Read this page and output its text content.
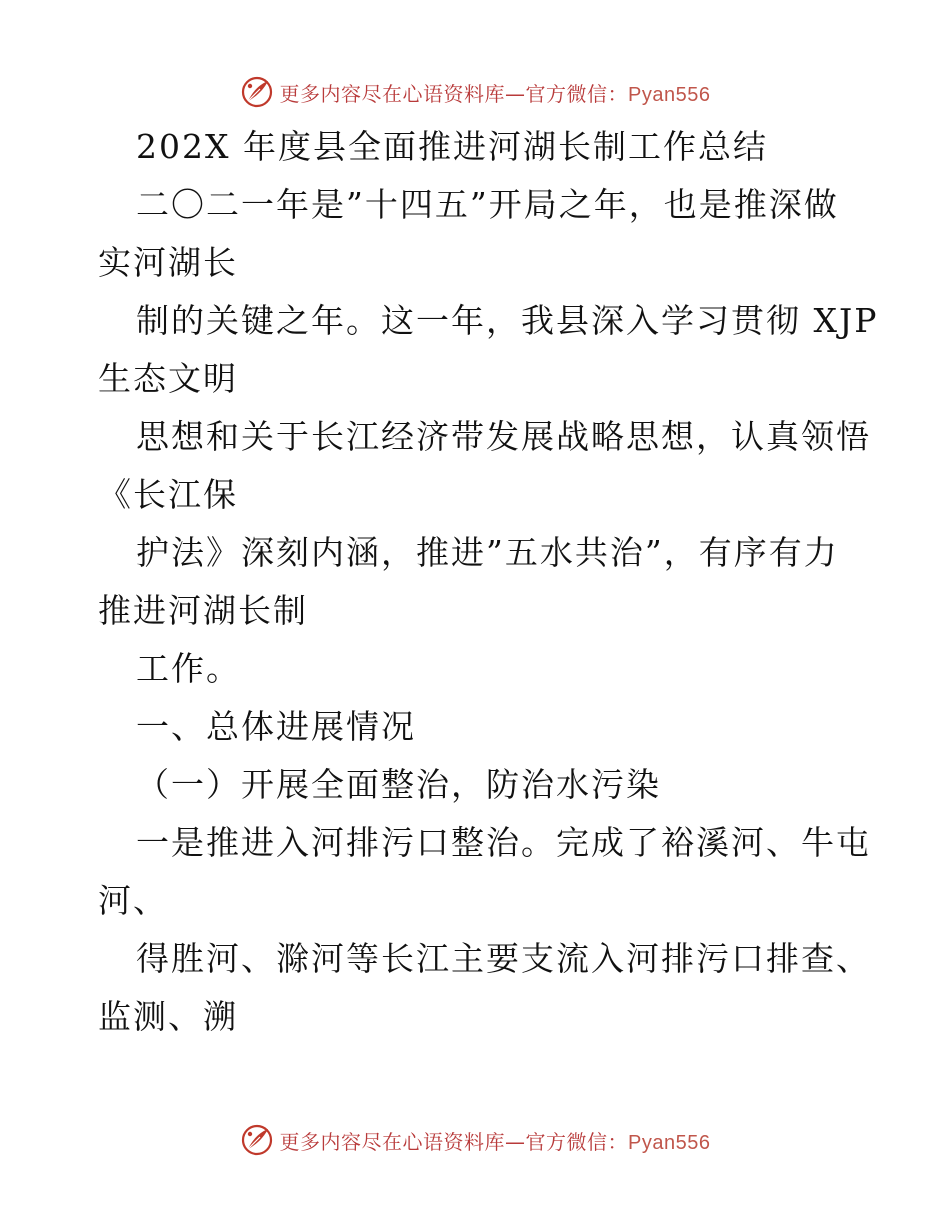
更多内容尽在心语资料库—官方微信：Pyan556
202X 年度县全面推进河湖长制工作总结
二〇二一年是”十四五”开局之年，也是推深做
实河湖长
制的关键之年。这一年，我县深入学习贯彻 XJP
生态文明
思想和关于长江经济带发展战略思想，认真领悟
《长江保
护法》深刻内涵，推进”五水共治”，有序有力
推进河湖长制
工作。
一、总体进展情况
（一）开展全面整治，防治水污染
一是推进入河排污口整治。完成了裕溪河、牛屯
河、
得胜河、滁河等长江主要支流入河排污口排查、
监测、溯
更多内容尽在心语资料库—官方微信：Pyan556
